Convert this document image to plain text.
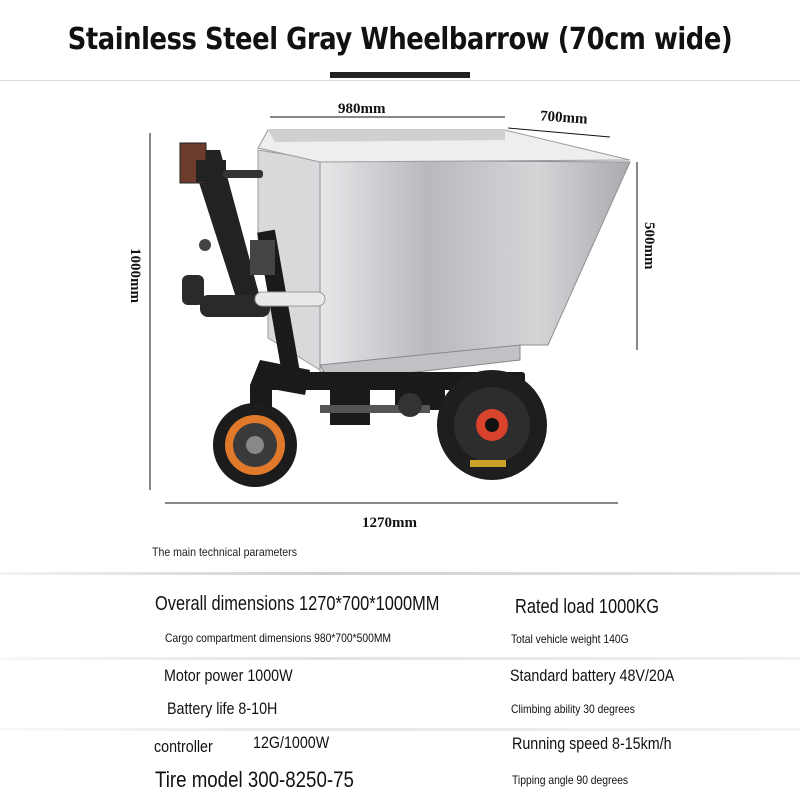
Stainless Steel Gray Wheelbarrow (70cm wide)
980mm	700mm
500mm
1000mm
1270mm
The main technical parameters
Overall dimensions 1270*700*1000MM	Rated load 1000KG
Cargo compartment dimensions 980*700*500MM	Total vehicle weight 140G
Motor power 1000W	Standard battery 48V/20A
Battery life 8-10H	Climbing ability 30 degrees
controller 12G/1000W	Running speed 8-15km/h
Tire model 300-8250-75	Tipping angle 90 degrees
